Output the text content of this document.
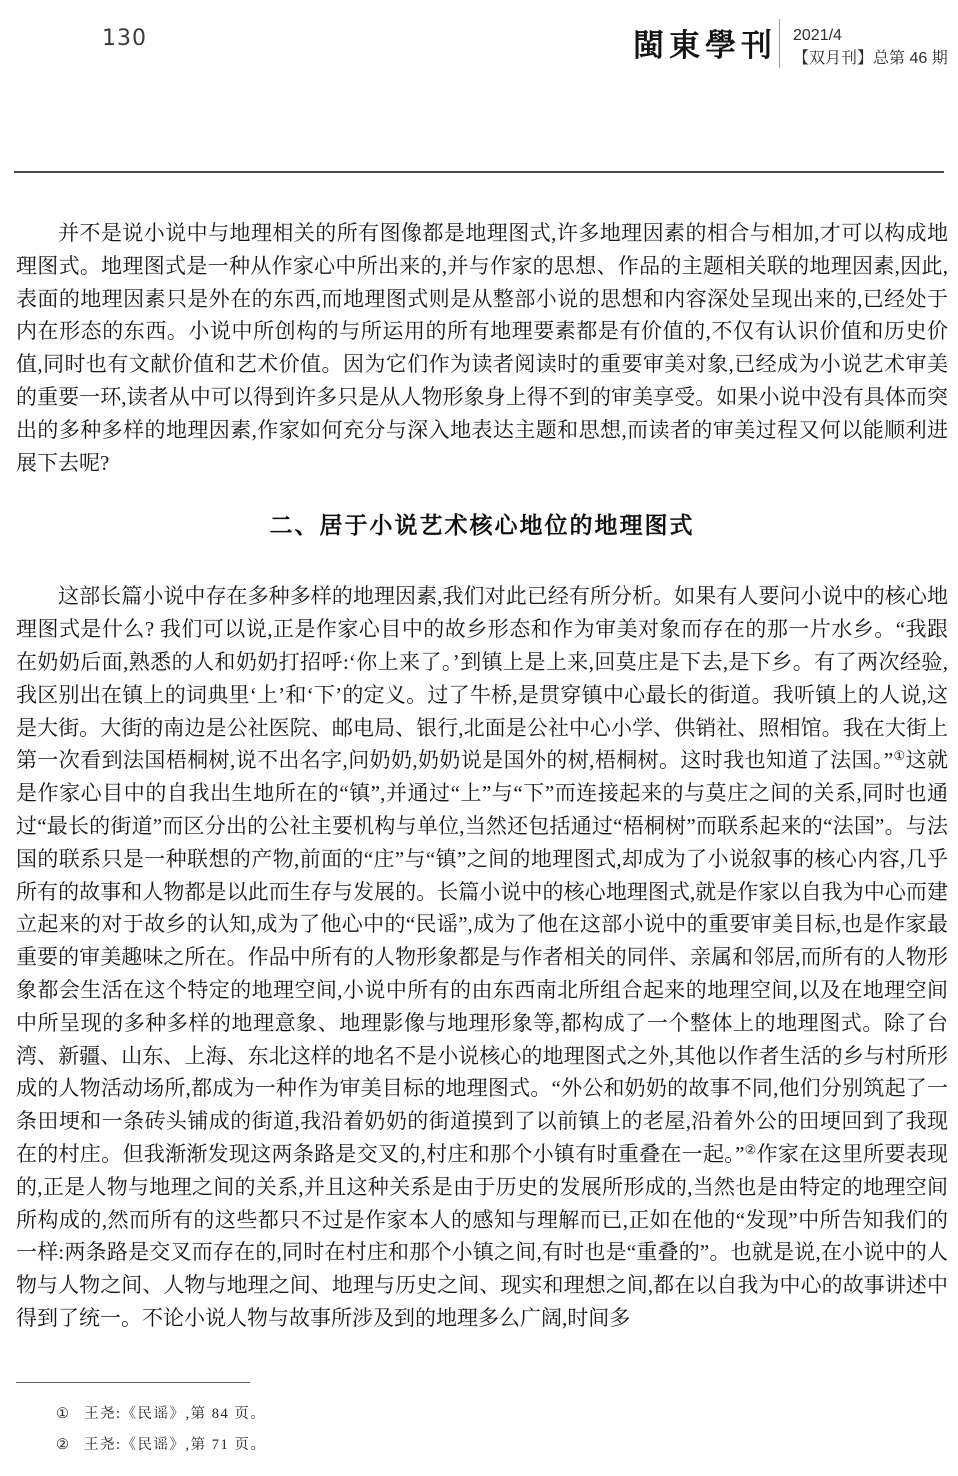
130	閩東學刊 2021/4
【双月刊】总第 46 期

并不是说小说中与地理相关的所有图像都是地理图式,许多地理因素的相合与相加,才可以构成地理图式。地理图式是一种从作家心中所出来的,并与作家的思想、作品的主题相关联的地理因素,因此,表面的地理因素只是外在的东西,而地理图式则是从整部小说的思想和内容深处呈现出来的,已经处于内在形态的东西。小说中所创构的与所运用的所有地理要素都是有价值的,不仅有认识价值和历史价值,同时也有文献价值和艺术价值。因为它们作为读者阅读时的重要审美对象,已经成为小说艺术审美的重要一环,读者从中可以得到许多只是从人物形象身上得不到的审美享受。如果小说中没有具体而突出的多种多样的地理因素,作家如何充分与深入地表达主题和思想,而读者的审美过程又何以能顺利进展下去呢?

二、居于小说艺术核心地位的地理图式

这部长篇小说中存在多种多样的地理因素,我们对此已经有所分析。如果有人要问小说中的核心地理图式是什么? 我们可以说,正是作家心目中的故乡形态和作为审美对象而存在的那一片水乡。“我跟在奶奶后面,熟悉的人和奶奶打招呼:‘你上来了。’到镇上是上来,回莫庄是下去,是下乡。有了两次经验,我区别出在镇上的词典里‘上’和‘下’的定义。过了牛桥,是贯穿镇中心最长的街道。我听镇上的人说,这是大街。大街的南边是公社医院、邮电局、银行,北面是公社中心小学、供销社、照相馆。我在大街上第一次看到法国梧桐树,说不出名字,问奶奶,奶奶说是国外的树,梧桐树。这时我也知道了法国。”①这就是作家心目中的自我出生地所在的“镇”,并通过“上”与“下”而连接起来的与莫庄之间的关系,同时也通过“最长的街道”而区分出的公社主要机构与单位,当然还包括通过“梧桐树”而联系起来的“法国”。与法国的联系只是一种联想的产物,前面的“庄”与“镇”之间的地理图式,却成为了小说叙事的核心内容,几乎所有的故事和人物都是以此而生存与发展的。长篇小说中的核心地理图式,就是作家以自我为中心而建立起来的对于故乡的认知,成为了他心中的“民谣”,成为了他在这部小说中的重要审美目标,也是作家最重要的审美趣味之所在。作品中所有的人物形象都是与作者相关的同伴、亲属和邻居,而所有的人物形象都会生活在这个特定的地理空间,小说中所有的由东西南北所组合起来的地理空间,以及在地理空间中所呈现的多种多样的地理意象、地理影像与地理形象等,都构成了一个整体上的地理图式。除了台湾、新疆、山东、上海、东北这样的地名不是小说核心的地理图式之外,其他以作者生活的乡与村所形成的人物活动场所,都成为一种作为审美目标的地理图式。“外公和奶奶的故事不同,他们分别筑起了一条田埂和一条砖头铺成的街道,我沿着奶奶的街道摸到了以前镇上的老屋,沿着外公的田埂回到了我现在的村庄。但我渐渐发现这两条路是交叉的,村庄和那个小镇有时重叠在一起。”②作家在这里所要表现的,正是人物与地理之间的关系,并且这种关系是由于历史的发展所形成的,当然也是由特定的地理空间所构成的,然而所有的这些都只不过是作家本人的感知与理解而已,正如在他的“发现”中所告知我们的一样:两条路是交叉而存在的,同时在村庄和那个小镇之间,有时也是“重叠的”。也就是说,在小说中的人物与人物之间、人物与地理之间、地理与历史之间、现实和理想之间,都在以自我为中心的故事讲述中得到了统一。不论小说人物与故事所涉及到的地理多么广阔,时间多

① 王尧:《民谣》,第 84 页。
② 王尧:《民谣》,第 71 页。
